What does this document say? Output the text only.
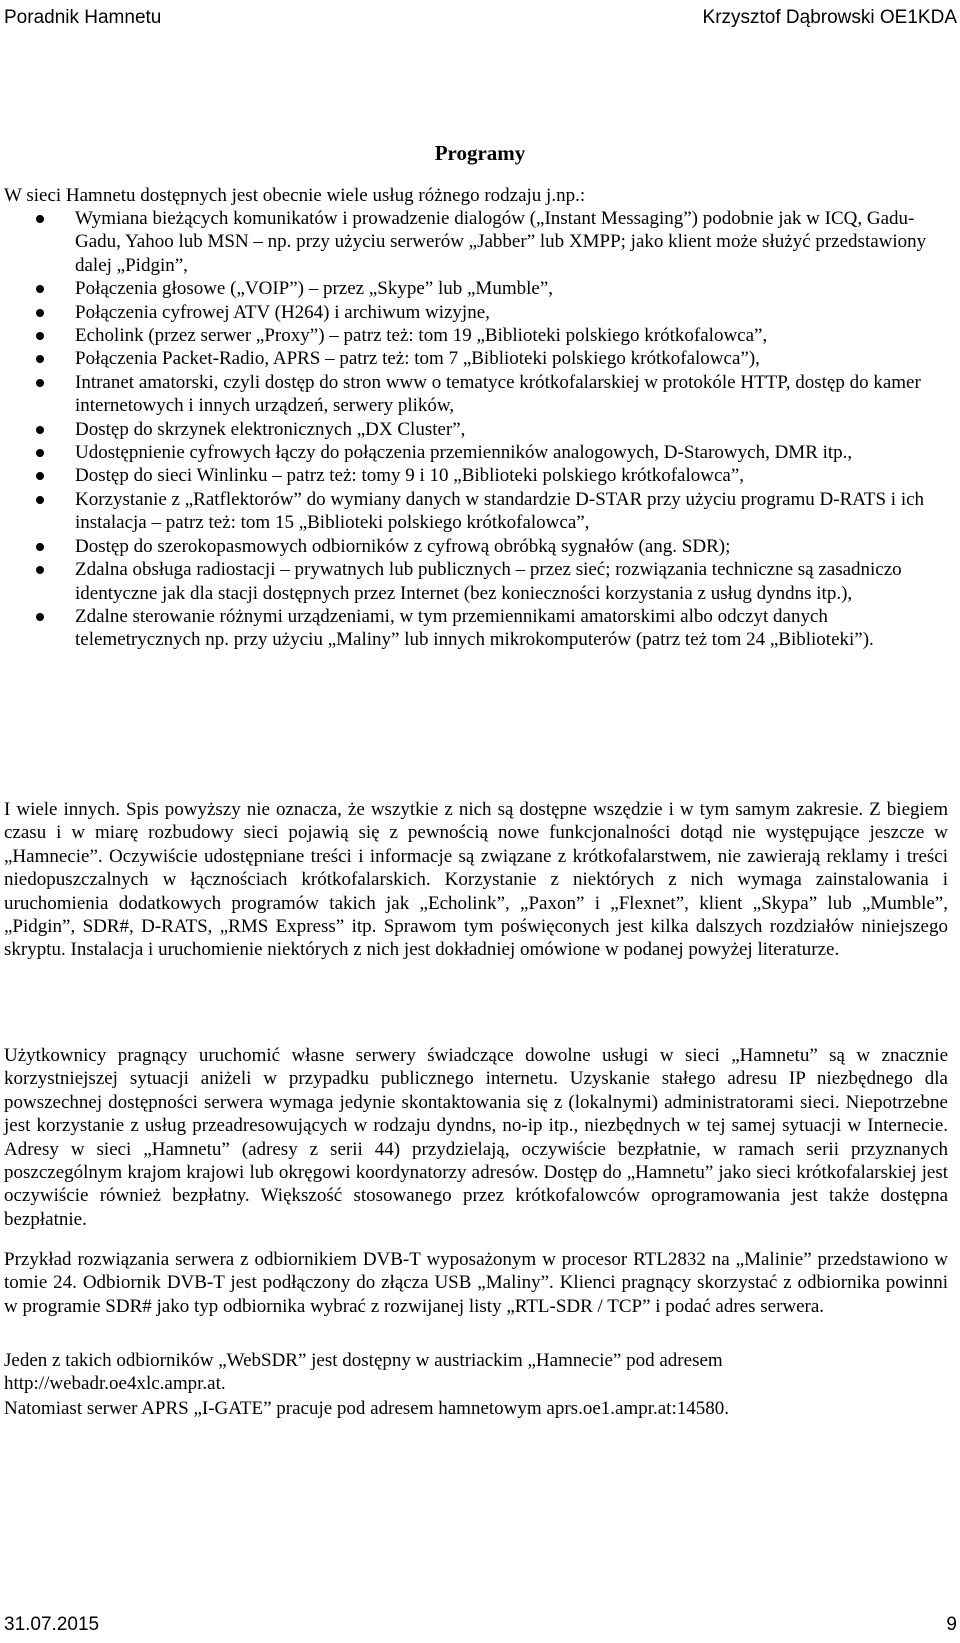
Poradnik Hamnetu	Krzysztof Dąbrowski OE1KDA
Programy

W sieci Hamnetu dostępnych jest obecnie wiele usług różnego rodzaju j.np.:

Wymiana bieżących komunikatów i prowadzenie dialogów („Instant Messaging”) podobnie jak w ICQ, Gadu-Gadu, Yahoo lub MSN – np. przy użyciu serwerów „Jabber” lub XMPP; jako klient może służyć przedstawiony dalej „Pidgin”,
Połączenia głosowe („VOIP”) – przez „Skype” lub „Mumble”,
Połączenia cyfrowej ATV (H264) i archiwum wizyjne,
Echolink (przez serwer „Proxy”) – patrz też: tom 19 „Biblioteki polskiego krótkofalowca”,
Połączenia Packet-Radio, APRS – patrz też: tom 7 „Biblioteki polskiego krótkofalowca”),
Intranet amatorski, czyli dostęp do stron www o tematyce krótkofalarskiej w protokóle HTTP, dostęp do kamer internetowych i innych urządzeń, serwery plików,
Dostęp do skrzynek elektronicznych „DX Cluster”,
Udostępnienie cyfrowych łączy do połączenia przemienników analogowych, D-Starowych, DMR itp.,
Dostęp do sieci Winlinku – patrz też: tomy 9 i 10 „Biblioteki polskiego krótkofalowca”,
Korzystanie z „Ratflektorów” do wymiany danych w standardzie D-STAR przy użyciu programu D-RATS i ich instalacja – patrz też: tom 15 „Biblioteki polskiego krótkofalowca”,
Dostęp do szerokopasmowych odbiorników z cyfrową obróbką sygnałów (ang. SDR);
Zdalna obsługa radiostacji – prywatnych lub publicznych – przez sieć; rozwiązania techniczne są zasadniczo identyczne jak dla stacji dostępnych przez Internet (bez konieczności korzystania z usług dyndns itp.),
Zdalne sterowanie różnymi urządzeniami, w tym przemiennikami amatorskimi albo odczyt danych telemetrycznych np. przy użyciu „Maliny” lub innych mikrokomputerów (patrz też tom 24 „Biblioteki”).

I wiele innych. Spis powyższy nie oznacza, że wszytkie z nich są dostępne wszędzie i w tym samym zakresie. Z biegiem czasu i w miarę rozbudowy sieci pojawią się z pewnością nowe funkcjonalności dotąd nie występujące jeszcze w „Hamnecie”. Oczywiście udostępniane treści i informacje są związane z krótkofalarstwem, nie zawierają reklamy i treści niedopuszczalnych w łącznościach krótkofalarskich. Korzystanie z niektórych z nich wymaga zainstalowania i uruchomienia dodatkowych programów takich jak „Echolink”, „Paxon” i „Flexnet”, klient „Skypa” lub „Mumble”, „Pidgin”, SDR#, D-RATS, „RMS Express” itp. Sprawom tym poświęconych jest kilka dalszych rozdziałów niniejszego skryptu. Instalacja i uruchomienie niektórych z nich jest dokładniej omówione w podanej powyżej literaturze.

Użytkownicy pragnący uruchomić własne serwery świadczące dowolne usługi w sieci „Hamnetu” są w znacznie korzystniejszej sytuacji aniżeli w przypadku publicznego internetu. Uzyskanie stałego adresu IP niezbędnego dla powszechnej dostępności serwera wymaga jedynie skontaktowania się z (lokalnymi) administratorami sieci. Niepotrzebne jest korzystanie z usług przeadresowujących w rodzaju dyndns, no-ip itp., niezbędnych w tej samej sytuacji w Internecie. Adresy w sieci „Hamnetu” (adresy z serii 44) przydzielają, oczywiście bezpłatnie, w ramach serii przyznanych poszczególnym krajom krajowi lub okręgowi koordynatorzy adresów. Dostęp do „Hamnetu” jako sieci krótkofalarskiej jest oczywiście również bezpłatny. Większość stosowanego przez krótkofalowców oprogramowania jest także dostępna bezpłatnie.

Przykład rozwiązania serwera z odbiornikiem DVB-T wyposażonym w procesor RTL2832 na „Malinie” przedstawiono w tomie 24. Odbiornik DVB-T jest podłączony do złącza USB „Maliny”. Klienci pragnący skorzystać z odbiornika powinni w programie SDR# jako typ odbiornika wybrać z rozwijanej listy „RTL-SDR / TCP” i podać adres serwera.

Jeden z takich odbiorników „WebSDR” jest dostępny w austriackim „Hamnecie” pod adresem http://webadr.oe4xlc.ampr.at.

Natomiast serwer APRS „I-GATE” pracuje pod adresem hamnetowym aprs.oe1.ampr.at:14580.

31.07.2015	9
